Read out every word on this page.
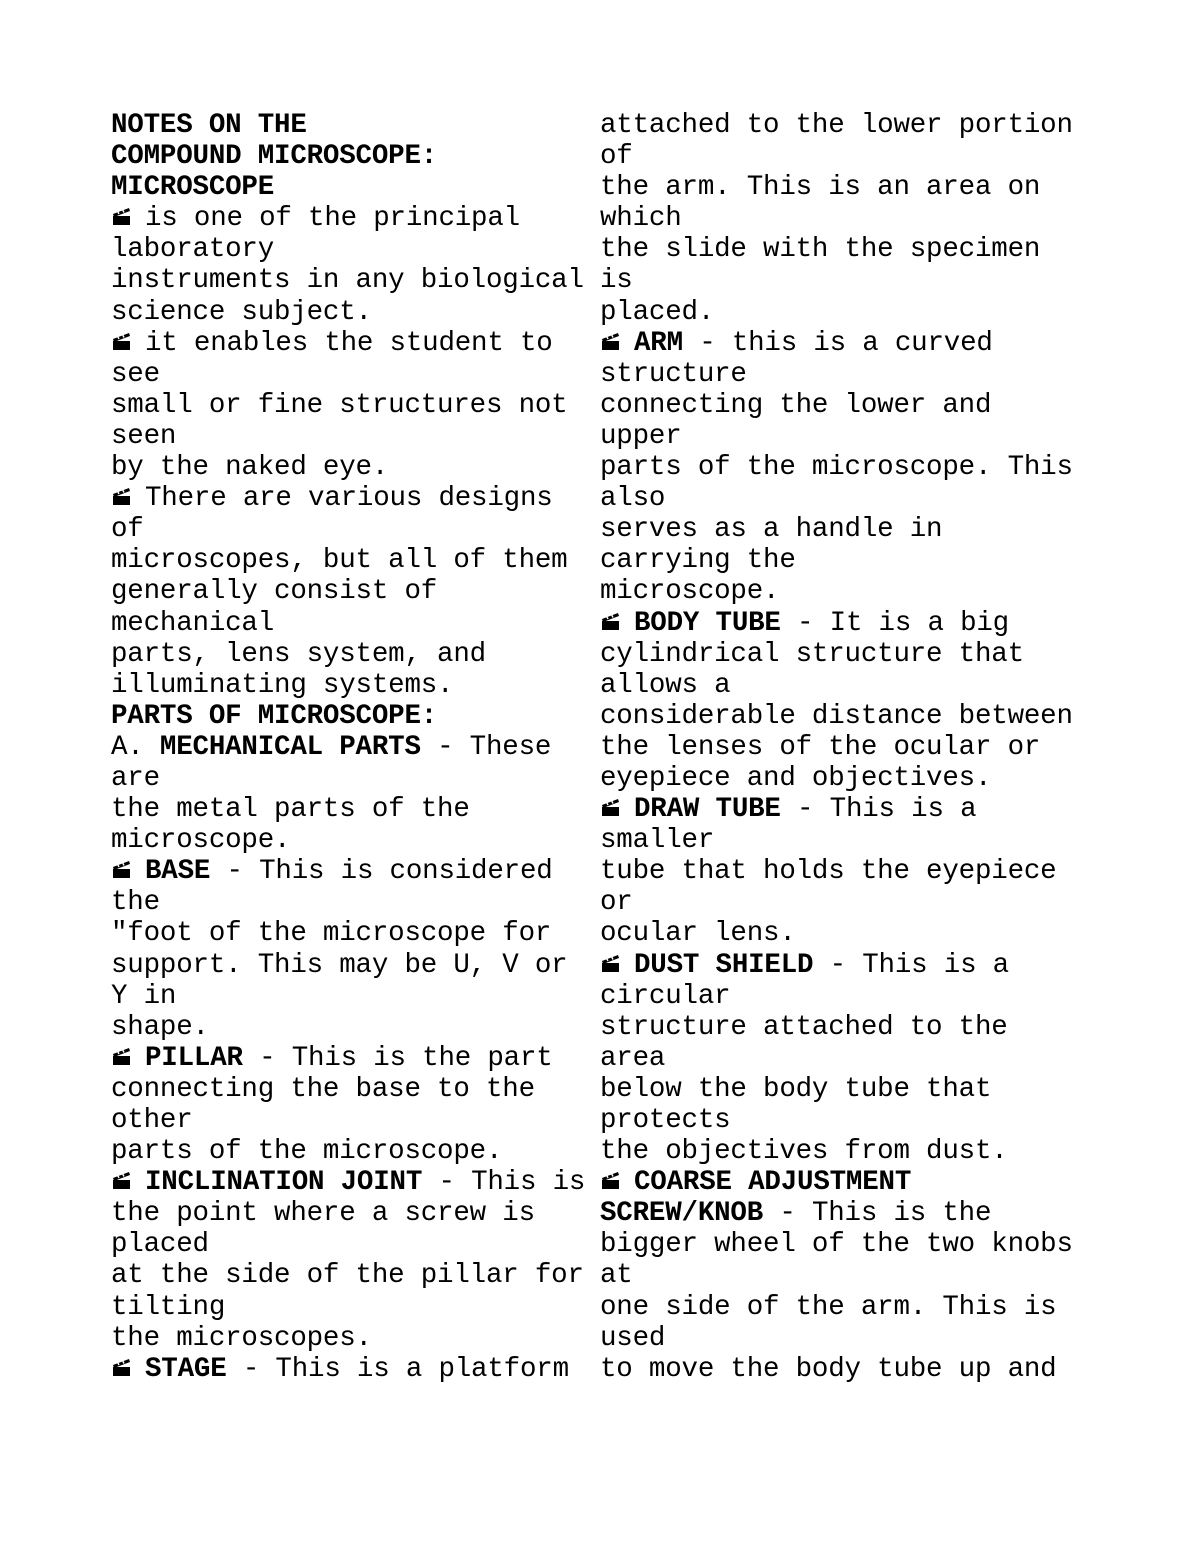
NOTES ON THE
COMPOUND MICROSCOPE:
MICROSCOPE
is one of the principal
laboratory
instruments in any biological
science subject.
it enables the student to
see
small or fine structures not
seen
by the naked eye.
There are various designs
of
microscopes, but all of them
generally consist of
mechanical
parts, lens system, and
illuminating systems.
PARTS OF MICROSCOPE:
A. MECHANICAL PARTS - These
are
the metal parts of the
microscope.
BASE - This is considered
the
"foot of the microscope for
support. This may be U, V or
Y in
shape.
PILLAR - This is the part
connecting the base to the
other
parts of the microscope.
INCLINATION JOINT - This is
the point where a screw is
placed
at the side of the pillar for
tilting
the microscopes.
STAGE - This is a platform
attached to the lower portion
of
the arm. This is an area on
which
the slide with the specimen
is
placed.
ARM - this is a curved
structure
connecting the lower and
upper
parts of the microscope. This
also
serves as a handle in
carrying the
microscope.
BODY TUBE - It is a big
cylindrical structure that
allows a
considerable distance between
the lenses of the ocular or
eyepiece and objectives.
DRAW TUBE - This is a
smaller
tube that holds the eyepiece
or
ocular lens.
DUST SHIELD - This is a
circular
structure attached to the
area
below the body tube that
protects
the objectives from dust.
COARSE ADJUSTMENT
SCREW/KNOB - This is the
bigger wheel of the two knobs
at
one side of the arm. This is
used
to move the body tube up and
